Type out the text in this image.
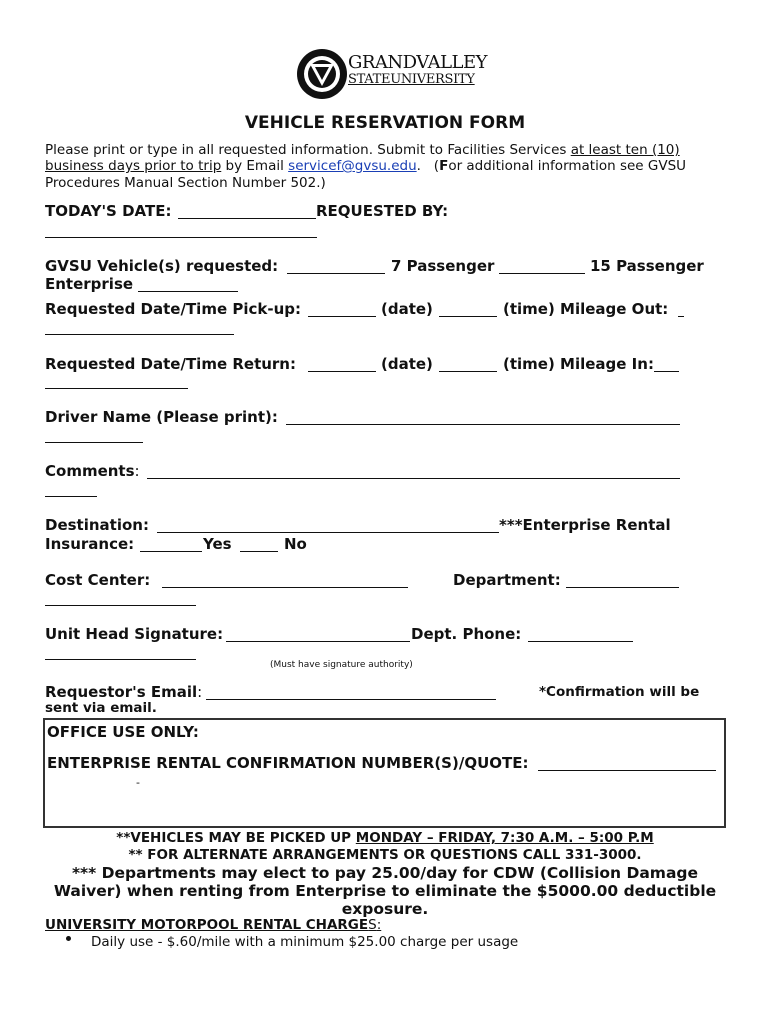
GRANDVALLEY
STATEUNIVERSITY
VEHICLE RESERVATION FORM
Please print or type in all requested information. Submit to Facilities Services at least ten (10)
business days prior to trip by Email servicef@gvsu.edu.   (For additional information see GVSU
Procedures Manual Section Number 502.)
TODAY'S DATE:	REQUESTED BY:
GVSU Vehicle(s) requested:	7 Passenger	15 Passenger
Enterprise
Requested Date/Time Pick-up:	(date)	(time) Mileage Out:
Requested Date/Time Return:	(date)	(time) Mileage In:
Driver Name (Please print):
Comments:
Destination:	***Enterprise Rental
Insurance:	Yes	No
Cost Center:	Department:
Unit Head Signature:	Dept. Phone:
(Must have signature authority)
Requestor's Email:	*Confirmation will be
sent via email.
OFFICE USE ONLY:
ENTERPRISE RENTAL CONFIRMATION NUMBER(S)/QUOTE:
-
**VEHICLES MAY BE PICKED UP MONDAY – FRIDAY, 7:30 A.M. – 5:00 P.M
** FOR ALTERNATE ARRANGEMENTS OR QUESTIONS CALL 331-3000.
*** Departments may elect to pay 25.00/day for CDW (Collision Damage
Waiver) when renting from Enterprise to eliminate the $5000.00 deductible
exposure.
UNIVERSITY MOTORPOOL RENTAL CHARGES:
Daily use - $.60/mile with a minimum $25.00 charge per usage
